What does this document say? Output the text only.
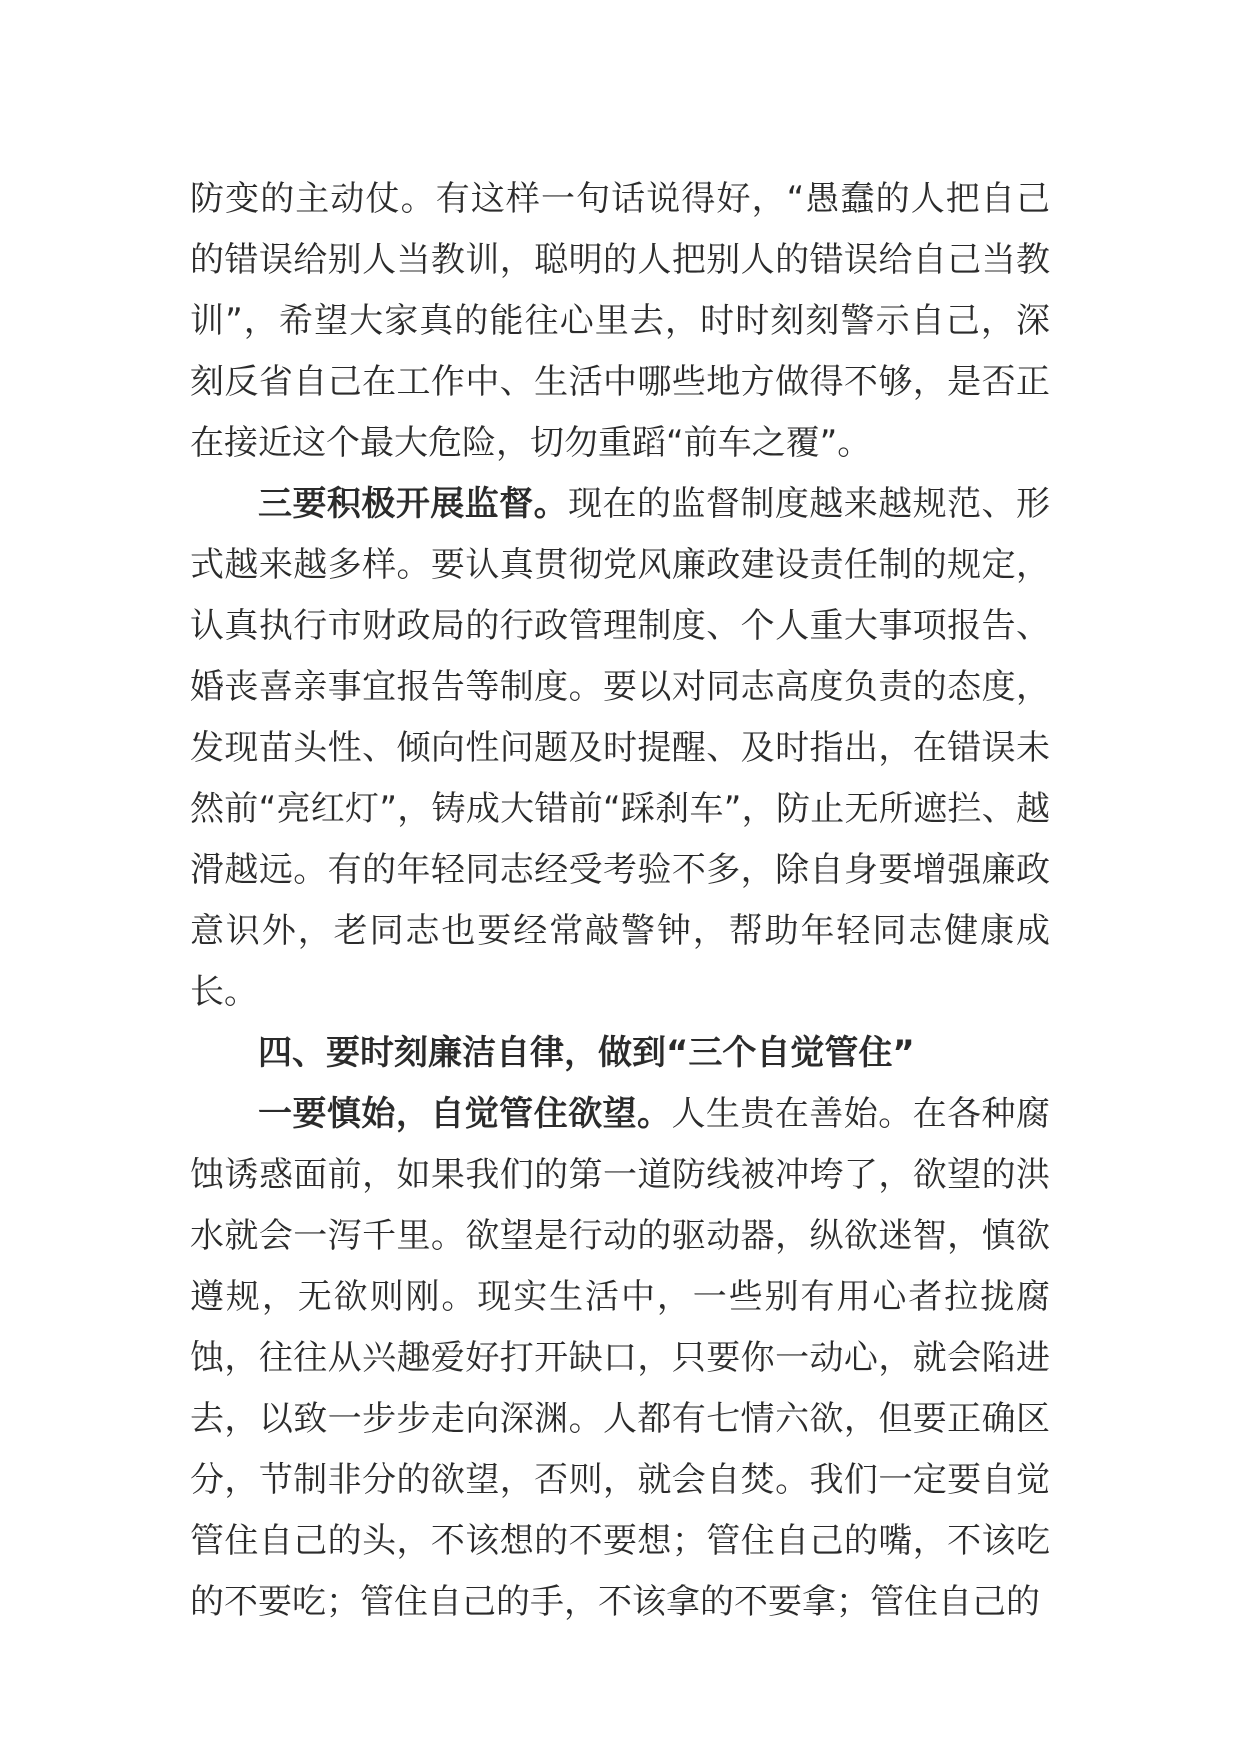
防变的主动仗。有这样一句话说得好，“愚蠢的人把自己的错误给别人当教训，聪明的人把别人的错误给自己当教训”，希望大家真的能往心里去，时时刻刻警示自己，深刻反省自己在工作中、生活中哪些地方做得不够，是否正在接近这个最大危险，切勿重蹈“前车之覆”。

三要积极开展监督。现在的监督制度越来越规范、形式越来越多样。要认真贯彻党风廉政建设责任制的规定，认真执行市财政局的行政管理制度、个人重大事项报告、婚丧喜亲事宜报告等制度。要以对同志高度负责的态度，发现苗头性、倾向性问题及时提醒、及时指出，在错误未然前“亮红灯”，铸成大错前“踩刹车”，防止无所遮拦、越滑越远。有的年轻同志经受考验不多，除自身要增强廉政意识外，老同志也要经常敲警钟，帮助年轻同志健康成长。

四、要时刻廉洁自律，做到“三个自觉管住”

一要慎始，自觉管住欲望。人生贵在善始。在各种腐蚀诱惑面前，如果我们的第一道防线被冲垮了，欲望的洪水就会一泻千里。欲望是行动的驱动器，纵欲迷智，慎欲遵规，无欲则刚。现实生活中，一些别有用心者拉拢腐蚀，往往从兴趣爱好打开缺口，只要你一动心，就会陷进去，以致一步步走向深渊。人都有七情六欲，但要正确区分，节制非分的欲望，否则，就会自焚。我们一定要自觉管住自己的头，不该想的不要想；管住自己的嘴，不该吃的不要吃；管住自己的手，不该拿的不要拿；管住自己的
